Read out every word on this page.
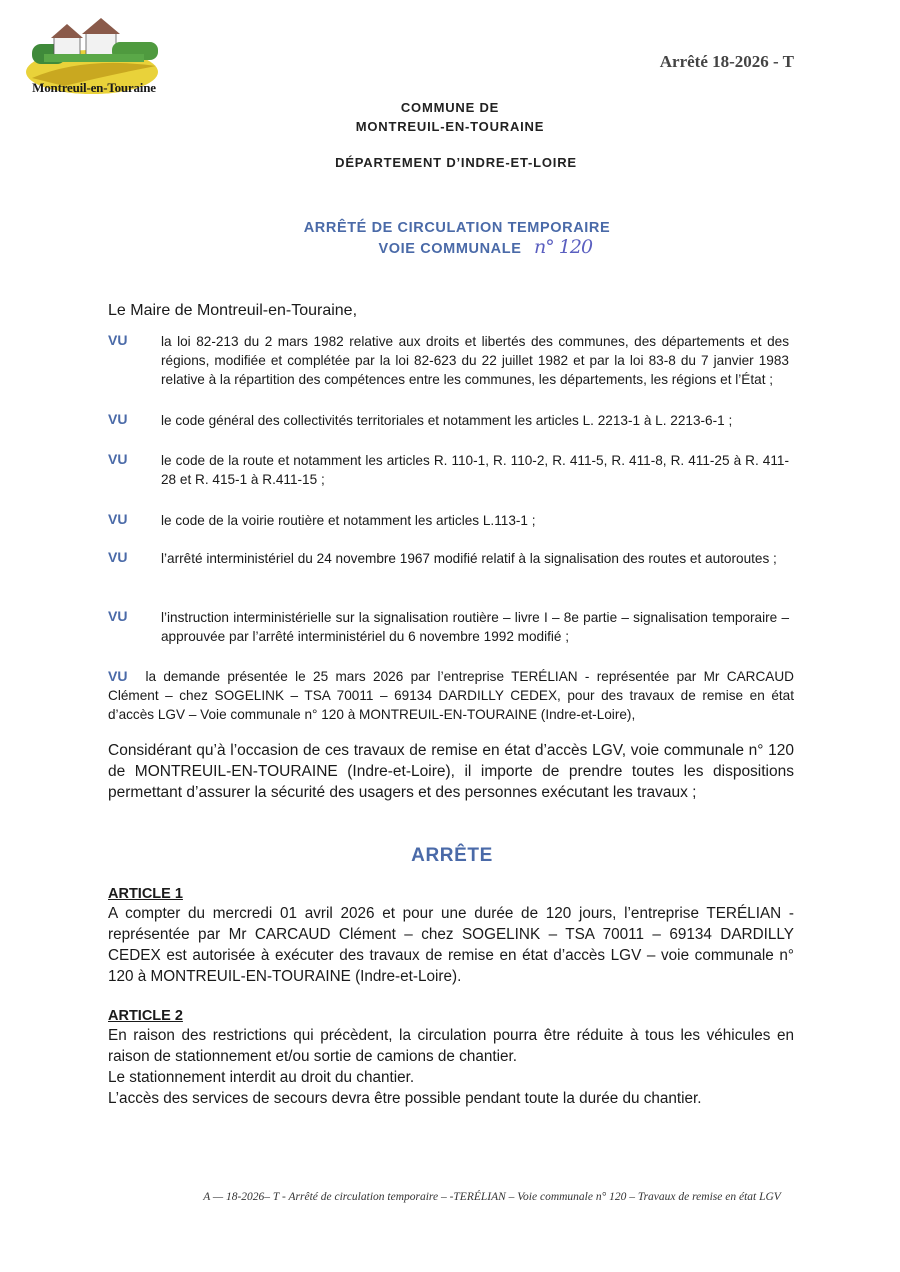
Montreuil-en-Touraine
Arrêté 18-2026 - T
COMMUNE DE
MONTREUIL-EN-TOURAINE
DÉPARTEMENT D’INDRE-ET-LOIRE
ARRÊTÉ DE CIRCULATION TEMPORAIRE
VOIE COMMUNALE n° 120
Le Maire de Montreuil-en-Touraine,
VU la loi 82-213 du 2 mars 1982 relative aux droits et libertés des communes, des départements et des régions, modifiée et complétée par la loi 82-623 du 22 juillet 1982 et par la loi 83-8 du 7 janvier 1983 relative à la répartition des compétences entre les communes, les départements, les régions et l’État ;
VU le code général des collectivités territoriales et notamment les articles L. 2213-1 à L. 2213-6-1 ;
VU le code de la route et notamment les articles R. 110-1, R. 110-2, R. 411-5, R. 411-8, R. 411-25 à R. 411-28 et R. 415-1 à R.411-15 ;
VU le code de la voirie routière et notamment les articles L.113-1 ;
VU l’arrêté interministériel du 24 novembre 1967 modifié relatif à la signalisation des routes et autoroutes ;
VU l’instruction interministérielle sur la signalisation routière – livre I – 8e partie – signalisation temporaire – approuvée par l’arrêté interministériel du 6 novembre 1992 modifié ;
VU la demande présentée le 25 mars 2026 par l’entreprise TERÉLIAN - représentée par Mr CARCAUD Clément – chez SOGELINK – TSA 70011 – 69134 DARDILLY CEDEX, pour des travaux de remise en état d’accès LGV – Voie communale n° 120 à MONTREUIL-EN-TOURAINE (Indre-et-Loire),
Considérant qu’à l’occasion de ces travaux de remise en état d’accès LGV, voie communale n° 120 de MONTREUIL-EN-TOURAINE (Indre-et-Loire), il importe de prendre toutes les dispositions permettant d’assurer la sécurité des usagers et des personnes exécutant les travaux ;
ARRÊTE
ARTICLE 1
A compter du mercredi 01 avril 2026 et pour une durée de 120 jours, l’entreprise TERÉLIAN - représentée par Mr CARCAUD Clément – chez SOGELINK – TSA 70011 – 69134 DARDILLY CEDEX est autorisée à exécuter des travaux de remise en état d’accès LGV – voie communale n° 120 à MONTREUIL-EN-TOURAINE (Indre-et-Loire).
ARTICLE 2
En raison des restrictions qui précèdent, la circulation pourra être réduite à tous les véhicules en raison de stationnement et/ou sortie de camions de chantier.
Le stationnement interdit au droit du chantier.
L’accès des services de secours devra être possible pendant toute la durée du chantier.
A — 18-2026– T - Arrêté de circulation temporaire – -TERÉLIAN – Voie communale n° 120 – Travaux de remise en état LGV
